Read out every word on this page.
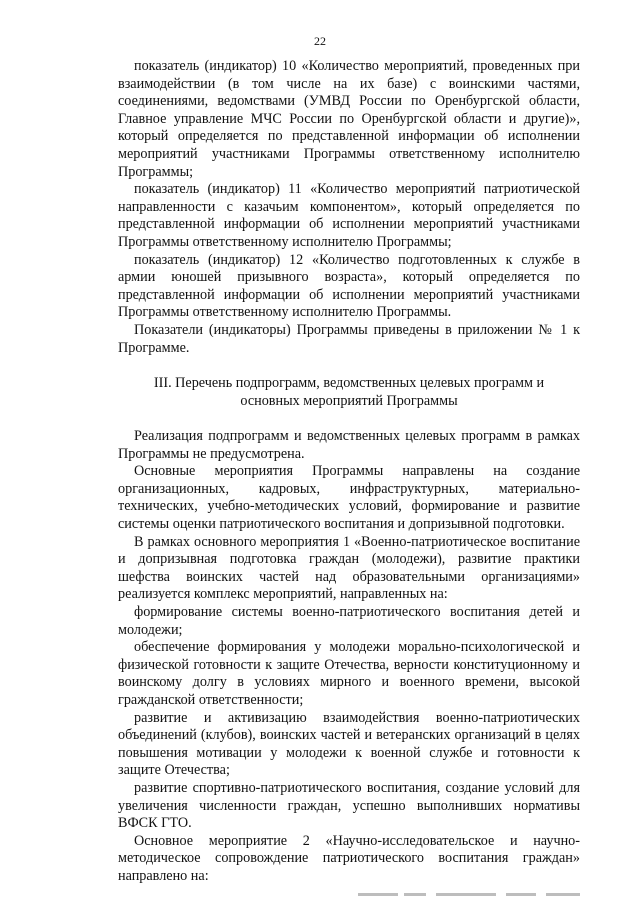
22

показатель (индикатор) 10 «Количество мероприятий, проведенных при взаимодействии (в том числе на их базе) с воинскими частями, соединениями, ведомствами (УМВД России по Оренбургской области, Главное управление МЧС России по Оренбургской области и другие)», который определяется по представленной информации об исполнении мероприятий участниками Программы ответственному исполнителю Программы;

показатель (индикатор) 11 «Количество мероприятий патриотической направленности с казачьим компонентом», который определяется по представленной информации об исполнении мероприятий участниками Программы ответственному исполнителю Программы;

показатель (индикатор) 12 «Количество подготовленных к службе в армии юношей призывного возраста», который определяется по представленной информации об исполнении мероприятий участниками Программы ответственному исполнителю Программы.

Показатели (индикаторы) Программы приведены в приложении № 1 к Программе.

III. Перечень подпрограмм, ведомственных целевых программ и
основных мероприятий Программы

Реализация подпрограмм и ведомственных целевых программ в рамках Программы не предусмотрена.

Основные мероприятия Программы направлены на создание организационных, кадровых, инфраструктурных, материально-технических, учебно-методических условий, формирование и развитие системы оценки патриотического воспитания и допризывной подготовки.

В рамках основного мероприятия 1 «Военно-патриотическое воспитание и допризывная подготовка граждан (молодежи), развитие практики шефства воинских частей над образовательными организациями» реализуется комплекс мероприятий, направленных на:

формирование системы военно-патриотического воспитания детей и молодежи;

обеспечение формирования у молодежи морально-психологической и физической готовности к защите Отечества, верности конституционному и воинскому долгу в условиях мирного и военного времени, высокой гражданской ответственности;

развитие и активизацию взаимодействия военно-патриотических объединений (клубов), воинских частей и ветеранских организаций в целях повышения мотивации у молодежи к военной службе и готовности к защите Отечества;

развитие спортивно-патриотического воспитания, создание условий для увеличения численности граждан, успешно выполнивших нормативы ВФСК ГТО.

Основное мероприятие 2 «Научно-исследовательское и научно-методическое сопровождение патриотического воспитания граждан» направлено на:
